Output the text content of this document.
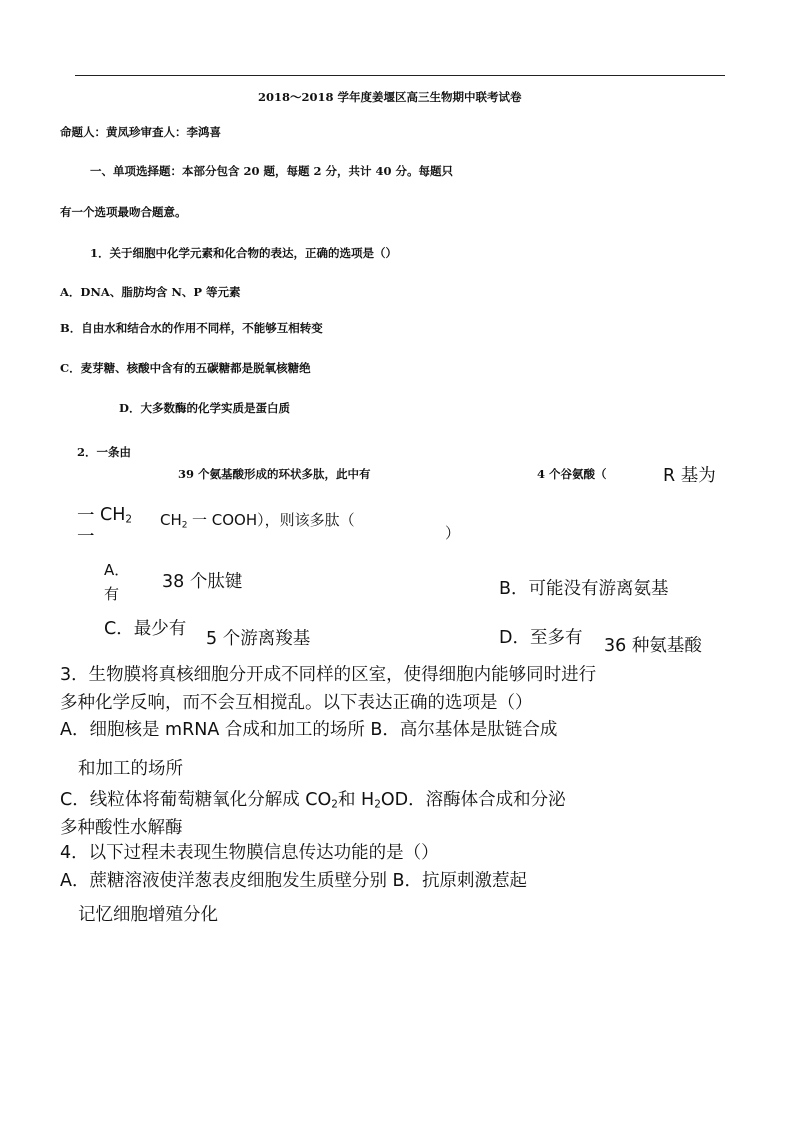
2018～2018 学年度姜堰区高三生物期中联考试卷
命题人：黄凤珍审查人：李鸿喜
一、单项选择题：本部分包含 20 题，每题 2 分，共计 40 分。每题只
有一个选项最吻合题意。
1．关于细胞中化学元素和化合物的表达，正确的选项是（）
A．DNA、脂肪均含 N、P 等元素
B．自由水和结合水的作用不同样，不能够互相转变
C．麦芽糖、核酸中含有的五碳糖都是脱氧核糖绝
D．大多数酶的化学实质是蛋白质
2．一条由
39 个氨基酸形成的环状多肽，此中有	4 个谷氨酸（	R 基为
一 $CH_2$
一
$CH_2$ 一 COOH），则该多肽（
）
A．
有
38 个肽键	B．可能没有游离氨基
C．最少有 5 个游离羧基	D．至多有 36 种氨基酸
3．生物膜将真核细胞分开成不同样的区室，使得细胞内能够同时进行
多种化学反响，而不会互相搅乱。以下表达正确的选项是（）
A．细胞核是 mRNA 合成和加工的场所 B．高尔基体是肽链合成
和加工的场所
C．线粒体将葡萄糖氧化分解成 $CO_2$和 $H_2OD$．溶酶体合成和分泌
多种酸性水解酶
4．以下过程未表现生物膜信息传达功能的是（）
A．蔗糖溶液使洋葱表皮细胞发生质壁分别 B．抗原刺激惹起
记忆细胞增殖分化
